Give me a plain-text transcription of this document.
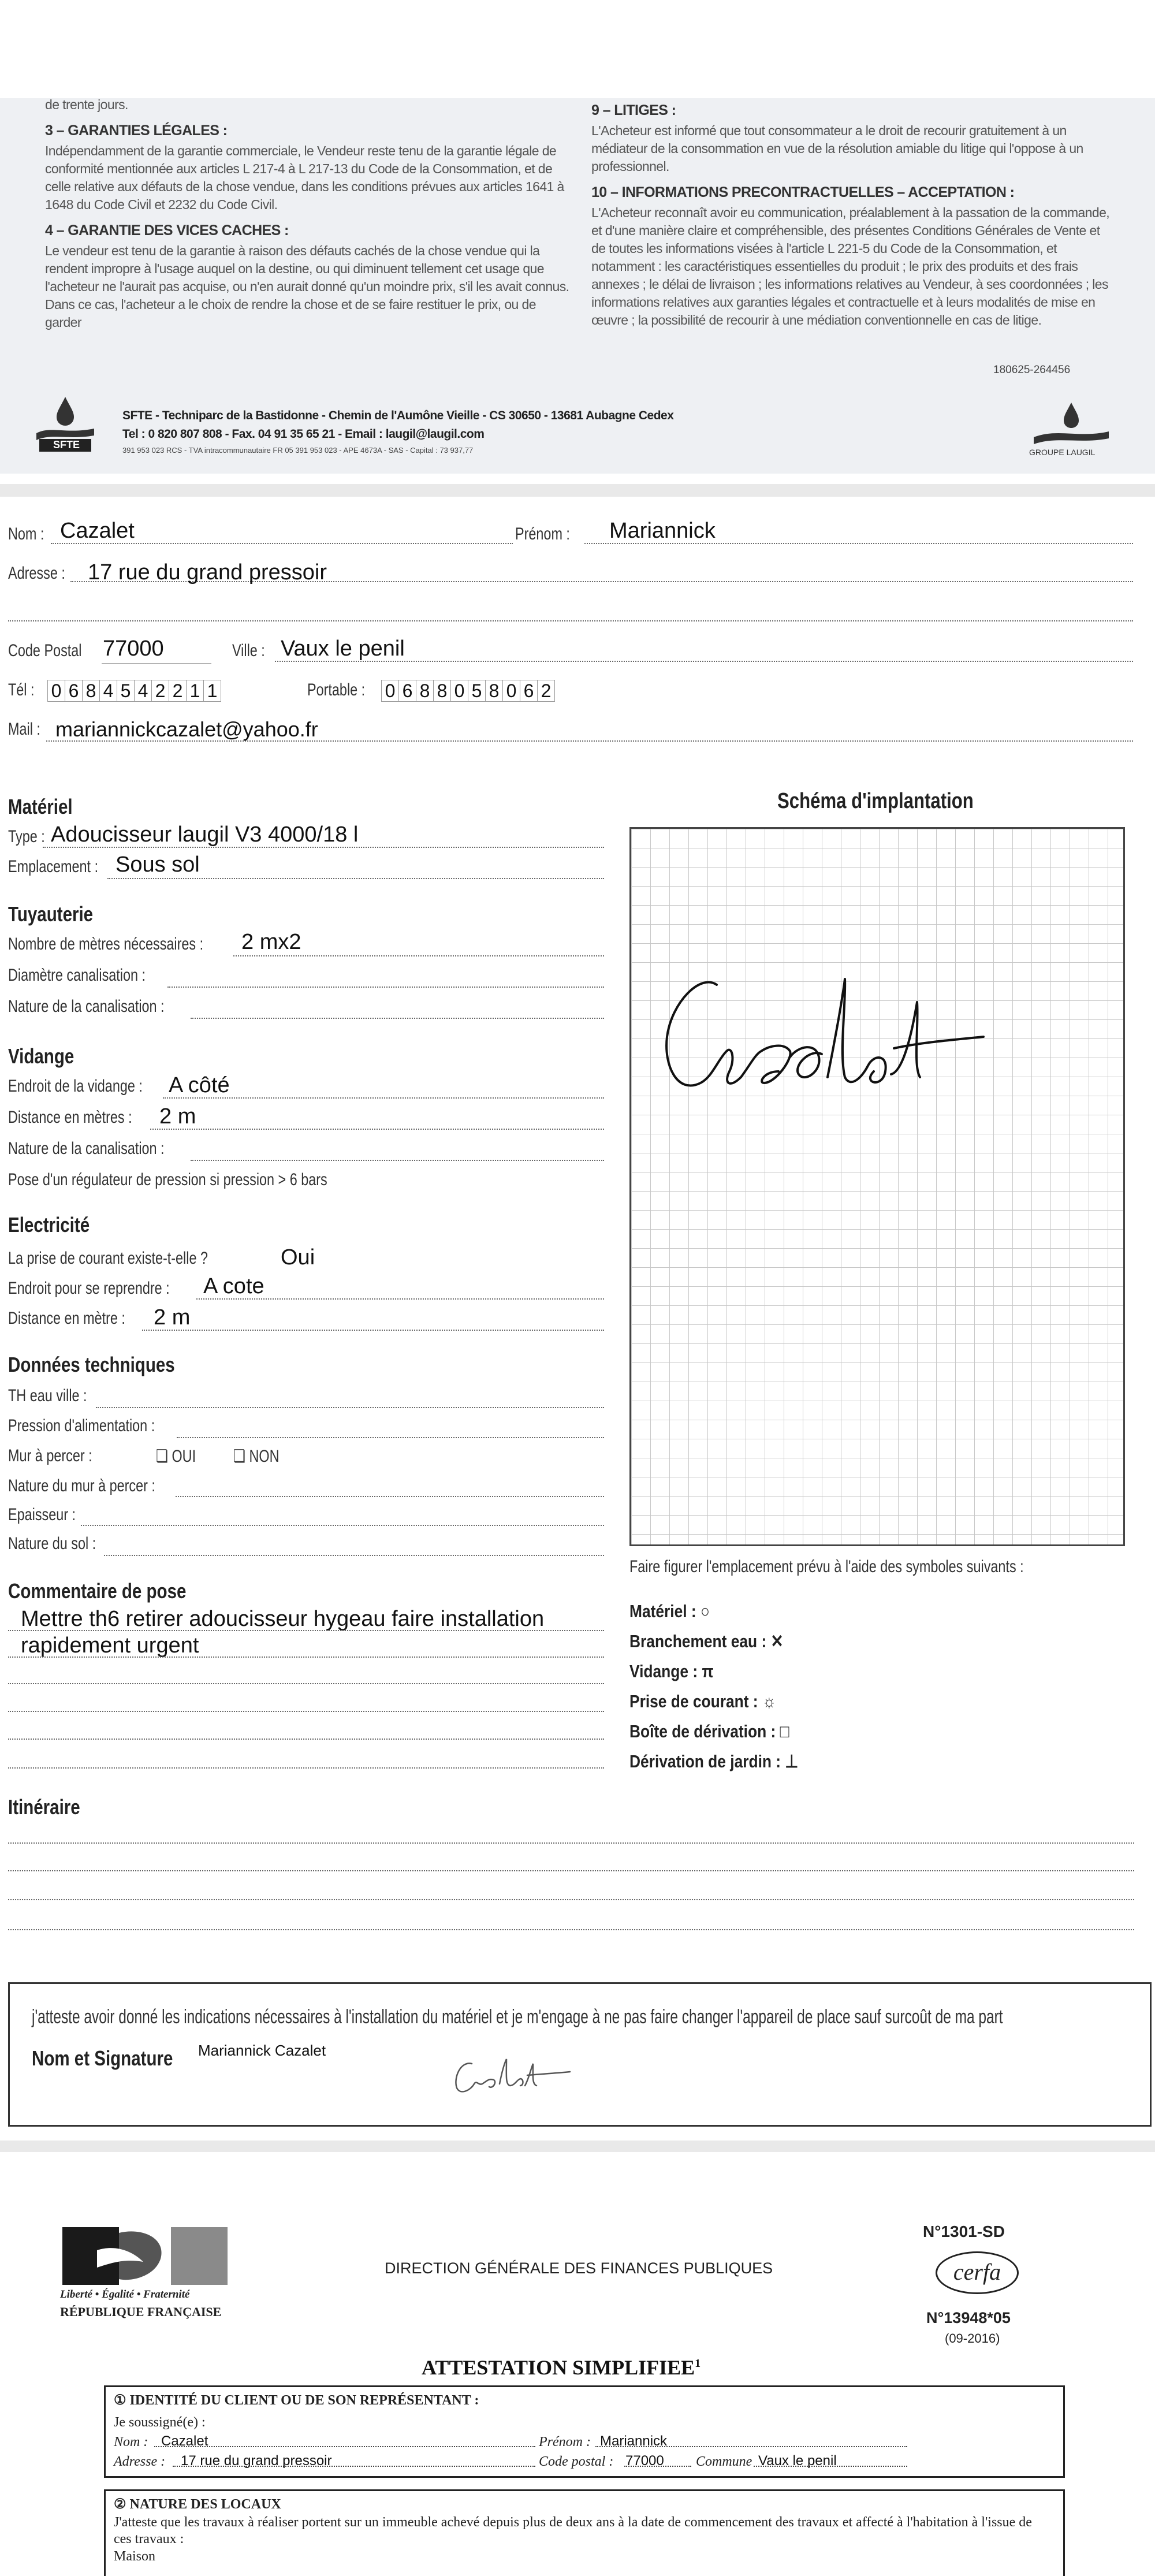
de trente jours.

3 – GARANTIES LÉGALES :

Indépendamment de la garantie commerciale, le Vendeur reste tenu de la garantie légale de conformité mentionnée aux articles L 217-4 à L 217-13 du Code de la Consommation, et de celle relative aux défauts de la chose vendue, dans les conditions prévues aux articles 1641 à 1648 du Code Civil et 2232 du Code Civil.

4 – GARANTIE DES VICES CACHES :

Le vendeur est tenu de la garantie à raison des défauts cachés de la chose vendue qui la rendent impropre à l'usage auquel on la destine, ou qui diminuent tellement cet usage que l'acheteur ne l'aurait pas acquise, ou n'en aurait donné qu'un moindre prix, s'il les avait connus. Dans ce cas, l'acheteur a le choix de rendre la chose et de se faire restituer le prix, ou de garder

9 – LITIGES :

L'Acheteur est informé que tout consommateur a le droit de recourir gratuitement à un médiateur de la consommation en vue de la résolution amiable du litige qui l'oppose à un professionnel.

10 – INFORMATIONS PRECONTRACTUELLES – ACCEPTATION :

L'Acheteur reconnaît avoir eu communication, préalablement à la passation de la commande, et d'une manière claire et compréhensible, des présentes Conditions Générales de Vente et de toutes les informations visées à l'article L 221-5 du Code de la Consommation, et notamment : les caractéristiques essentielles du produit ; le prix des produits et des frais annexes ; le délai de livraison ; les informations relatives au Vendeur, à ses coordonnées ; les informations relatives aux garanties légales et contractuelle et à leurs modalités de mise en œuvre ; la possibilité de recourir à une médiation conventionnelle en cas de litige.

180625-264456
SFTE
SFTE - Techniparc de la Bastidonne - Chemin de l'Aumône Vieille - CS 30650 - 13681 Aubagne Cedex
Tel : 0 820 807 808 - Fax. 04 91 35 65 21 - Email : laugil@laugil.com
391 953 023 RCS - TVA intracommunautaire FR 05 391 953 023 - APE 4673A - SAS - Capital : 73 937,77	GROUPE LAUGIL
Nom : Cazalet	Prénom : Mariannick
Adresse : 17 rue du grand pressoir
Code Postal 77000	Ville : Vaux le penil
Tél : 0 6 8 4 5 4 2 2 1 1	Portable : 0 6 8 8 0 5 8 0 6 2
Mail : mariannickcazalet@yahoo.fr
Matériel
Type : Adoucisseur laugil V3 4000/18 l
Emplacement : Sous sol
Tuyauterie
Nombre de mètres nécessaires : 2 mx2
Diamètre canalisation :
Nature de la canalisation :
Vidange
Endroit de la vidange : A côté
Distance en mètres : 2 m
Nature de la canalisation :
Pose d'un régulateur de pression si pression > 6 bars
Electricité
La prise de courant existe-t-elle ?	Oui
Endroit pour se reprendre : A cote
Distance en mètre : 2 m
Données techniques
TH eau ville :
Pression d'alimentation :
Mur à percer :	❏ OUI ❏ NON
Nature du mur à percer :
Epaisseur :
Nature du sol :
Commentaire de pose
Mettre th6 retirer adoucisseur hygeau faire installation
rapidement urgent
Schéma d'implantation
Faire figurer l'emplacement prévu à l'aide des symboles suivants :
Matériel : ○
Branchement eau : ✕
Vidange : π
Prise de courant : ☼
Boîte de dérivation : □
Dérivation de jardin : ⊥
Itinéraire
j'atteste avoir donné les indications nécessaires à l'installation du matériel et je m'engage à ne pas faire changer l'appareil de place sauf surcoût de ma part
Nom et Signature Mariannick Cazalet
Liberté • Égalité • Fraternité
RÉPUBLIQUE FRANÇAISE
DIRECTION GÉNÉRALE DES FINANCES PUBLIQUES
N°1301-SD
cerfa
N°13948*05
(09-2016)
ATTESTATION SIMPLIFIEE$^1$
① IDENTITÉ DU CLIENT OU DE SON REPRÉSENTANT :
Je soussigné(e) :
Nom : Cazalet	Prénom : Mariannick
Adresse : 17 rue du grand pressoir	Code postal : 77000 Commune Vaux le penil
② NATURE DES LOCAUX
J'atteste que les travaux à réaliser portent sur un immeuble achevé depuis plus de deux ans à la date de commencement des travaux et affecté à l'habitation à l'issue de ces travaux :
Maison
